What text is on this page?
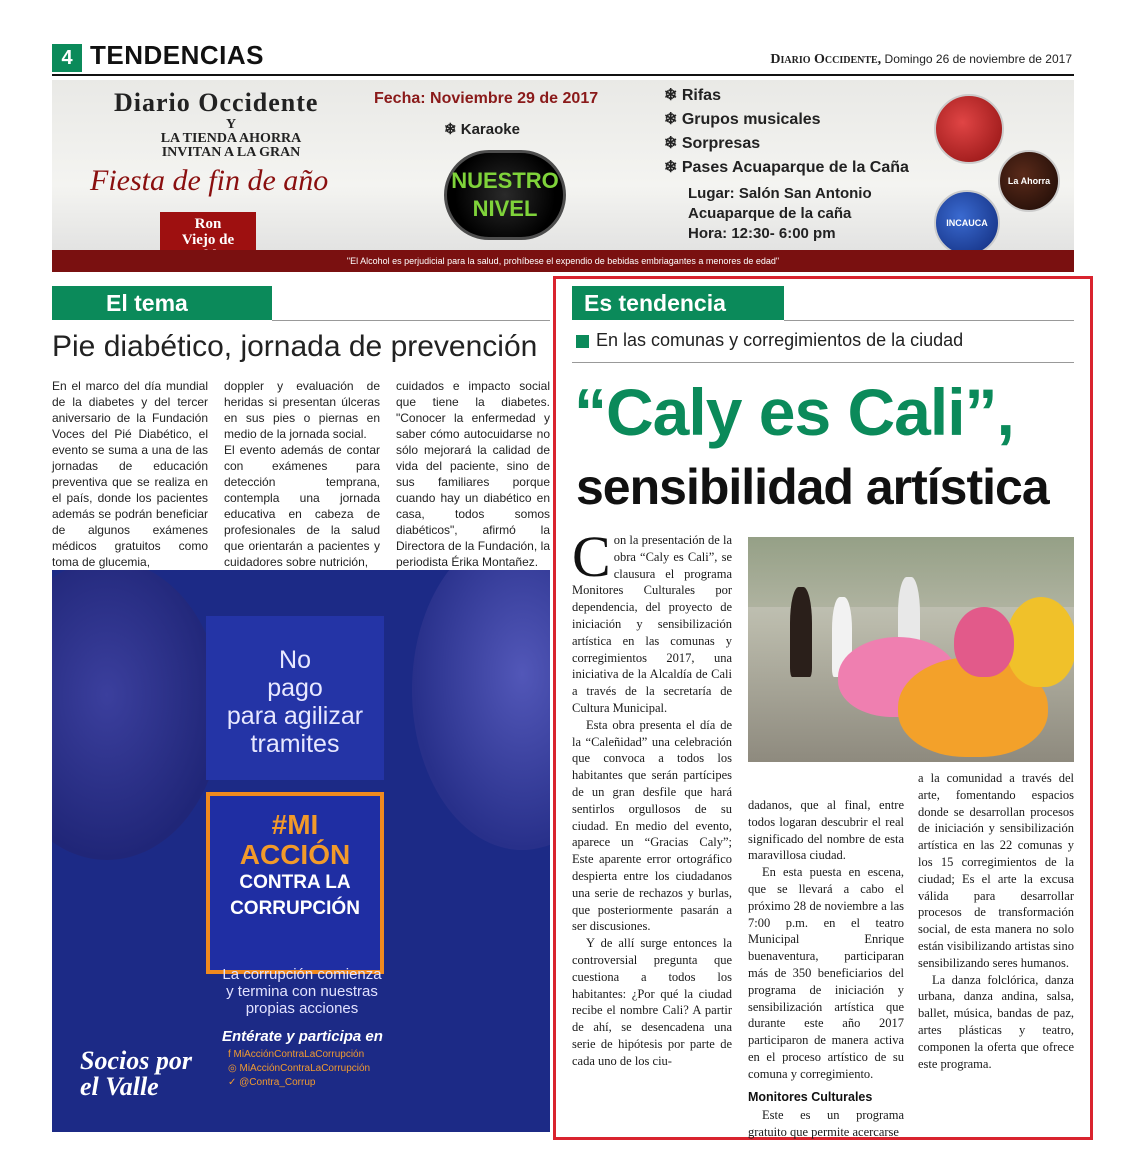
4 TENDENCIAS	Diario Occidente, Domingo 26 de noviembre de 2017
Diario Occidente
Y
LA TIENDA AHORRA
INVITAN A LA GRAN
Fiesta de fin de año
Ron
Viejo de

Fecha: Noviembre 29 de 2017
❄ Karaoke
NUESTRO NIVEL
❄ Rifas
❄ Grupos musicales
❄ Sorpresas
❄ Pases Acuaparque de la Caña
Lugar: Salón San Antonio
Acuaparque de la caña
Hora: 12:30- 6:00 pm
La Ahorra
INCAUCA
"El Alcohol es perjudicial para la salud, prohíbese el expendio de bebidas embriagantes a menores de edad"
El tema
Pie diabético, jornada de prevención
En el marco del día mundial de la diabetes y del tercer aniversario de la Fundación Voces del Pié Diabético, el evento se suma a una de las jornadas de educación preventiva que se realiza en el país, donde los pacientes además se podrán beneficiar de algunos exámenes médicos gratuitos como toma de glucemia,
doppler y evaluación de heridas si presentan úlceras en sus pies o piernas en medio de la jornada social.
El evento además de contar con exámenes para detección temprana, contempla una jornada educativa en cabeza de profesionales de la salud que orientarán a pacientes y cuidadores sobre nutrición,
cuidados e impacto social que tiene la diabetes. "Conocer la enfermedad y saber cómo autocuidarse no sólo mejorará la calidad de vida del paciente, sino de sus familiares porque cuando hay un diabético en casa, todos somos diabéticos", afirmó la Directora de la Fundación, la periodista Érika Montañez.
No
pago
para agilizar
tramites
#MI
ACCIÓN
CONTRA LA
CORRUPCIÓN
La corrupción comienza
y termina con nuestras
propias acciones
Entérate y participa en
f MiAcciónContraLaCorrupción
◎ MiAcciónContraLaCorrupción
✓ @Contra_Corrup
Socios por
el Valle
Es tendencia
En las comunas y corregimientos de la ciudad
“Caly es Cali”,
sensibilidad artística

Con la presentación de la obra “Caly es Cali”, se clausura el programa Monitores Culturales por dependencia, del proyecto de iniciación y sensibilización artística en las comunas y corregimientos 2017, una iniciativa de la Alcaldía de Cali a través de la secretaría de Cultura Municipal.

Esta obra presenta el día de la “Caleñidad” una celebración que convoca a todos los habitantes que serán partícipes de un gran desfile que hará sentirlos orgullosos de su ciudad. En medio del evento, aparece un “Gracias Caly”; Este aparente error ortográfico despierta entre los ciudadanos una serie de rechazos y burlas, que posteriormente pasarán a ser discusiones.

Y de allí surge entonces la controversial pregunta que cuestiona a todos los habitantes: ¿Por qué la ciudad recibe el nombre Cali? A partir de ahí, se desencadena una serie de hipótesis por parte de cada uno de los ciu-

dadanos, que al final, entre todos logaran descubrir el real significado del nombre de esta maravillosa ciudad.

En esta puesta en escena, que se llevará a cabo el próximo 28 de noviembre a las 7:00 p.m. en el teatro Municipal Enrique buenaventura, participaran más de 350 beneficiarios del programa de iniciación y sensibilización artística que durante este año 2017 participaron de manera activa en el proceso artístico de su comuna y corregimiento.

Monitores Culturales

Este es un programa gratuito que permite acercarse

a la comunidad a través del arte, fomentando espacios donde se desarrollan procesos de iniciación y sensibilización artística en las 22 comunas y los 15 corregimientos de la ciudad; Es el arte la excusa válida para desarrollar procesos de transformación social, de esta manera no solo están visibilizando artistas sino sensibilizando seres humanos.

La danza folclórica, danza urbana, danza andina, salsa, ballet, música, bandas de paz, artes plásticas y teatro, componen la oferta que ofrece este programa.
